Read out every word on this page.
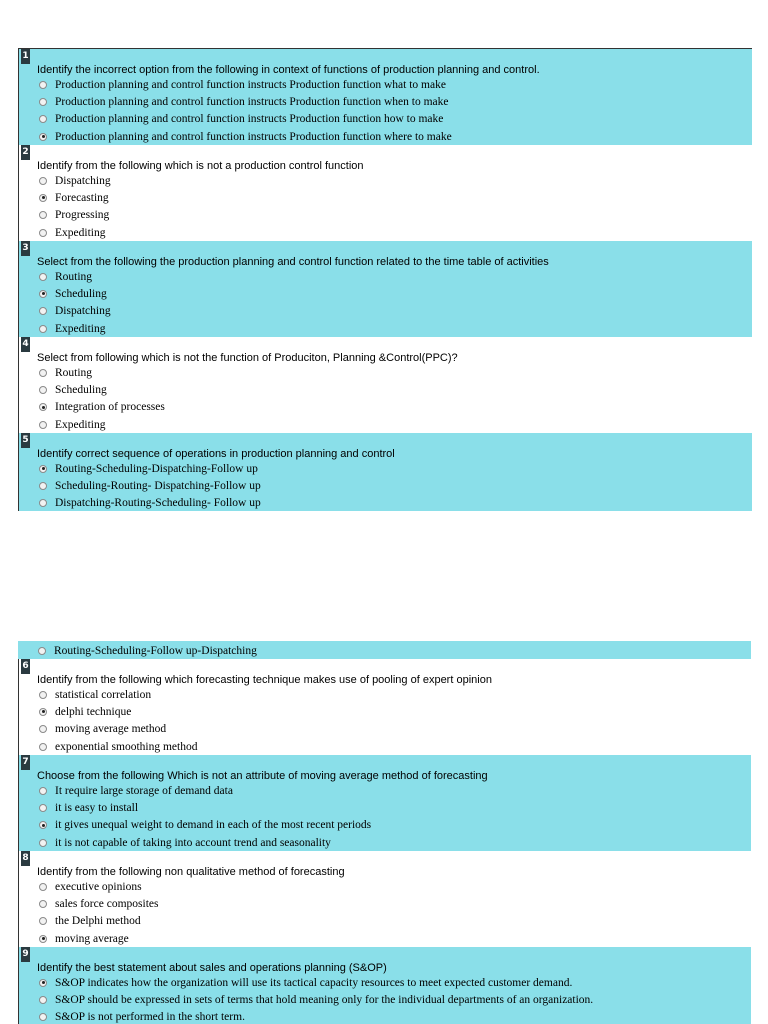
1
Identify the incorrect option from the following in context of functions of production planning and control.
Production planning and control function instructs Production function what to make
Production planning and control function instructs Production function when to make
Production planning and control function instructs Production function how to make
Production planning and control function instructs Production function where to make
2
Identify from the following which is not a production control function
Dispatching
Forecasting
Progressing
Expediting
3
Select from the following the production planning and control function related to the time table of activities
Routing
Scheduling
Dispatching
Expediting
4
Select from following which is not the function of Produciton, Planning &Control(PPC)?
Routing
Scheduling
Integration of processes
Expediting
5
Identify correct sequence of operations in production planning and control
Routing-Scheduling-Dispatching-Follow up
Scheduling-Routing- Dispatching-Follow up
Dispatching-Routing-Scheduling- Follow up
Routing-Scheduling-Follow up-Dispatching
6
Identify from the following which forecasting technique makes use of pooling of expert opinion
statistical correlation
delphi technique
moving average method
exponential smoothing method
7
Choose from the following Which is not an attribute of moving average method of forecasting
It require large storage of demand data
it is easy to install
it gives unequal weight to demand in each of the most recent periods
it is not capable of taking into account trend and seasonality
8
Identify from the following non qualitative method of forecasting
executive opinions
sales force composites
the Delphi method
moving average
9
Identify the best statement about sales and operations planning (S&OP)
S&OP indicates how the organization will use its tactical capacity resources to meet expected customer demand.
S&OP should be expressed in sets of terms that hold meaning only for the individual departments of an organization.
S&OP is not performed in the short term.
